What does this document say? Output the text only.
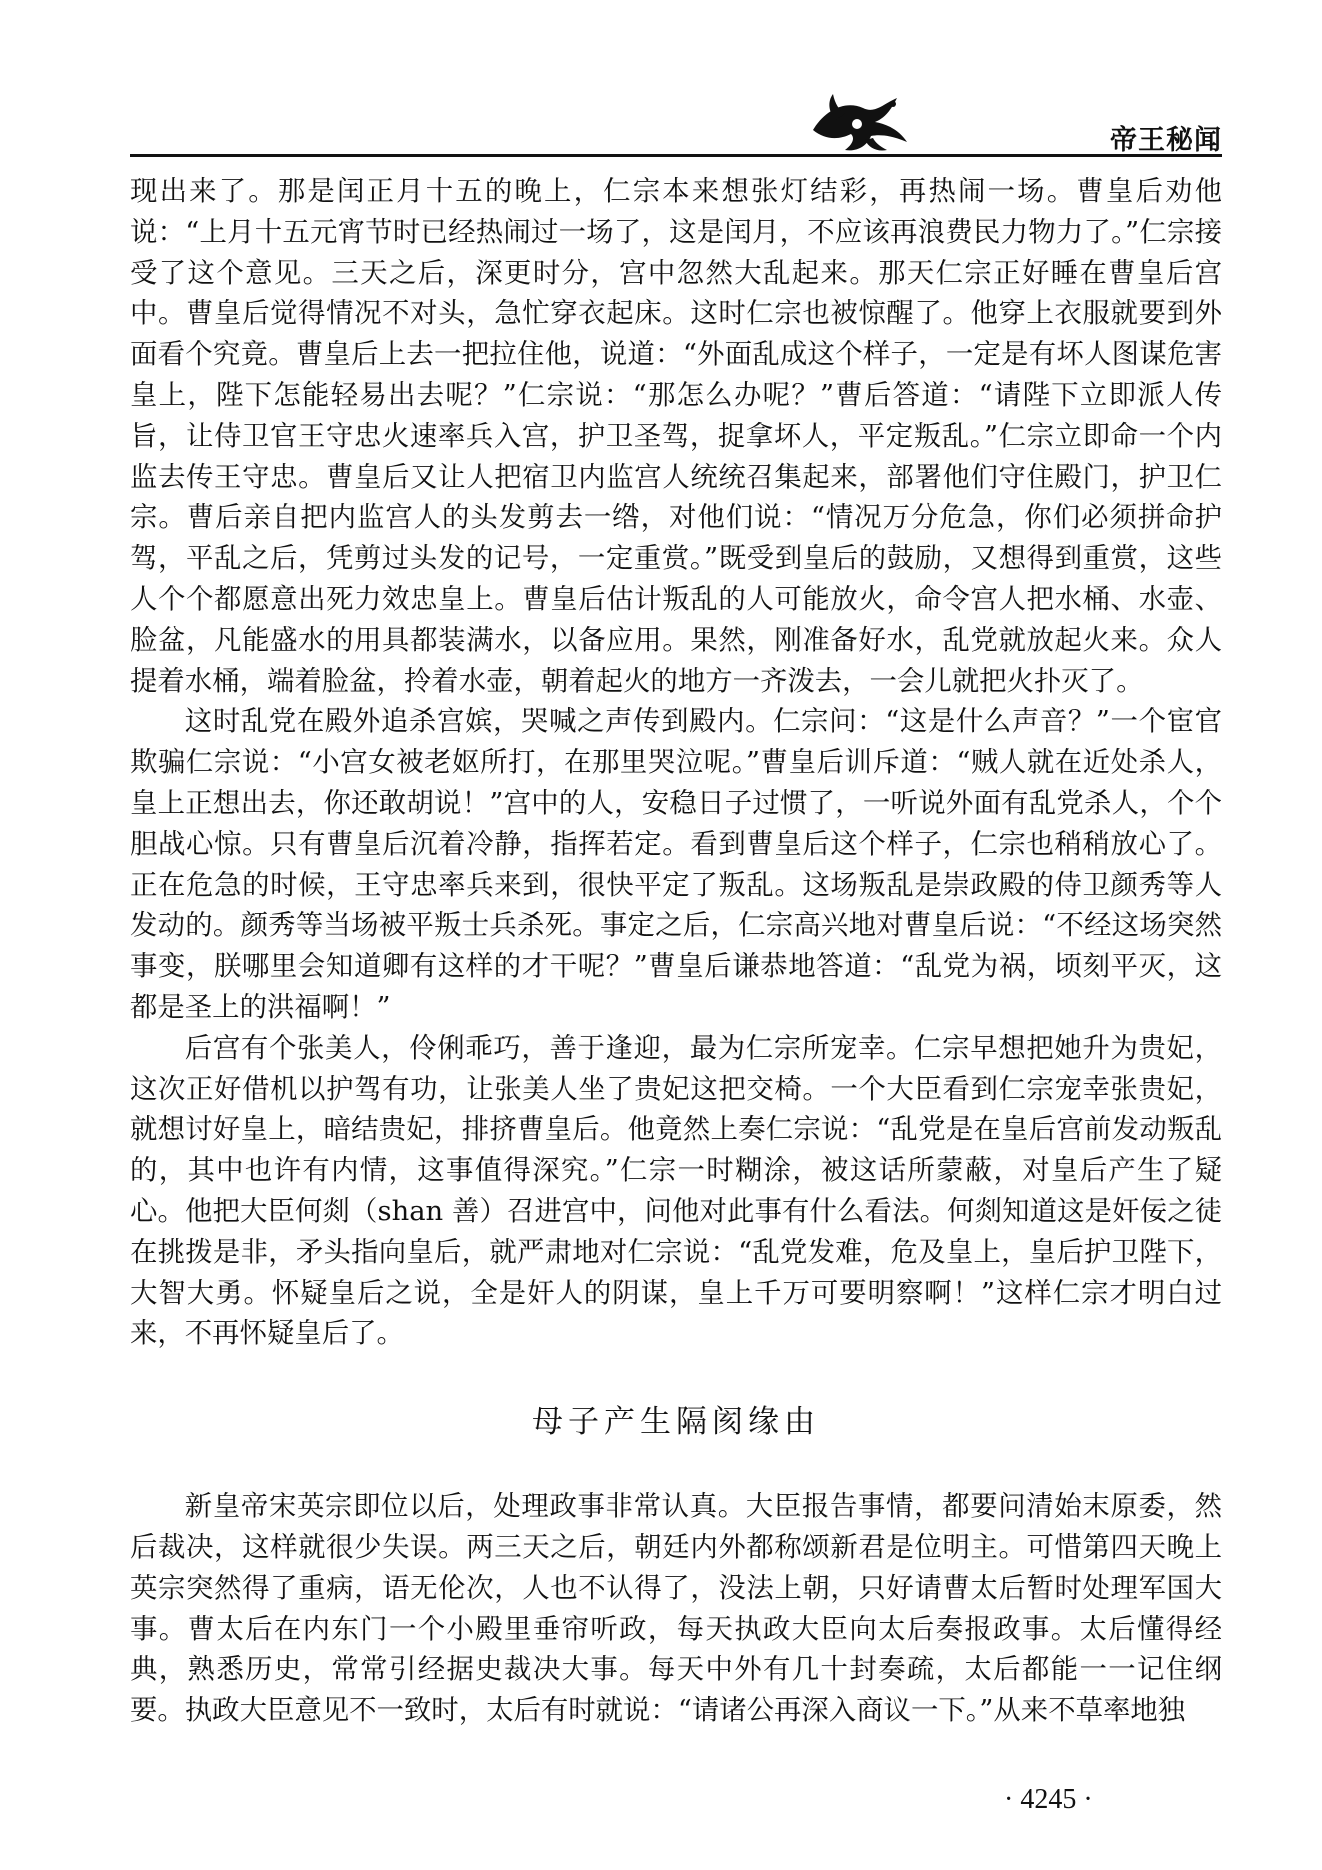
帝王秘闻

现出来了。那是闰正月十五的晚上，仁宗本来想张灯结彩，再热闹一场。曹皇后劝他说：“上月十五元宵节时已经热闹过一场了，这是闰月，不应该再浪费民力物力了。”仁宗接受了这个意见。三天之后，深更时分，宫中忽然大乱起来。那天仁宗正好睡在曹皇后宫中。曹皇后觉得情况不对头，急忙穿衣起床。这时仁宗也被惊醒了。他穿上衣服就要到外面看个究竟。曹皇后上去一把拉住他，说道：“外面乱成这个样子，一定是有坏人图谋危害皇上，陛下怎能轻易出去呢？”仁宗说：“那怎么办呢？”曹后答道：“请陛下立即派人传旨，让侍卫官王守忠火速率兵入宫，护卫圣驾，捉拿坏人，平定叛乱。”仁宗立即命一个内监去传王守忠。曹皇后又让人把宿卫内监宫人统统召集起来，部署他们守住殿门，护卫仁宗。曹后亲自把内监宫人的头发剪去一绺，对他们说：“情况万分危急，你们必须拼命护驾，平乱之后，凭剪过头发的记号，一定重赏。”既受到皇后的鼓励，又想得到重赏，这些人个个都愿意出死力效忠皇上。曹皇后估计叛乱的人可能放火，命令宫人把水桶、水壶、脸盆，凡能盛水的用具都装满水，以备应用。果然，刚准备好水，乱党就放起火来。众人提着水桶，端着脸盆，拎着水壶，朝着起火的地方一齐泼去，一会儿就把火扑灭了。

这时乱党在殿外追杀宫嫔，哭喊之声传到殿内。仁宗问：“这是什么声音？”一个宦官欺骗仁宗说：“小宫女被老妪所打，在那里哭泣呢。”曹皇后训斥道：“贼人就在近处杀人，皇上正想出去，你还敢胡说！”宫中的人，安稳日子过惯了，一听说外面有乱党杀人，个个胆战心惊。只有曹皇后沉着冷静，指挥若定。看到曹皇后这个样子，仁宗也稍稍放心了。正在危急的时候，王守忠率兵来到，很快平定了叛乱。这场叛乱是崇政殿的侍卫颜秀等人发动的。颜秀等当场被平叛士兵杀死。事定之后，仁宗高兴地对曹皇后说：“不经这场突然事变，朕哪里会知道卿有这样的才干呢？”曹皇后谦恭地答道：“乱党为祸，顷刻平灭，这都是圣上的洪福啊！”

后宫有个张美人，伶俐乖巧，善于逢迎，最为仁宗所宠幸。仁宗早想把她升为贵妃，这次正好借机以护驾有功，让张美人坐了贵妃这把交椅。一个大臣看到仁宗宠幸张贵妃，就想讨好皇上，暗结贵妃，排挤曹皇后。他竟然上奏仁宗说：“乱党是在皇后宫前发动叛乱的，其中也许有内情，这事值得深究。”仁宗一时糊涂，被这话所蒙蔽，对皇后产生了疑心。他把大臣何剡（shan 善）召进宫中，问他对此事有什么看法。何剡知道这是奸佞之徒在挑拨是非，矛头指向皇后，就严肃地对仁宗说：“乱党发难，危及皇上，皇后护卫陛下，大智大勇。怀疑皇后之说，全是奸人的阴谋，皇上千万可要明察啊！”这样仁宗才明白过来，不再怀疑皇后了。

母子产生隔阂缘由

新皇帝宋英宗即位以后，处理政事非常认真。大臣报告事情，都要问清始末原委，然后裁决，这样就很少失误。两三天之后，朝廷内外都称颂新君是位明主。可惜第四天晚上英宗突然得了重病，语无伦次，人也不认得了，没法上朝，只好请曹太后暂时处理军国大事。曹太后在内东门一个小殿里垂帘听政，每天执政大臣向太后奏报政事。太后懂得经典，熟悉历史，常常引经据史裁决大事。每天中外有几十封奏疏，太后都能一一记住纲要。执政大臣意见不一致时，太后有时就说：“请诸公再深入商议一下。”从来不草率地独

· 4245 ·
